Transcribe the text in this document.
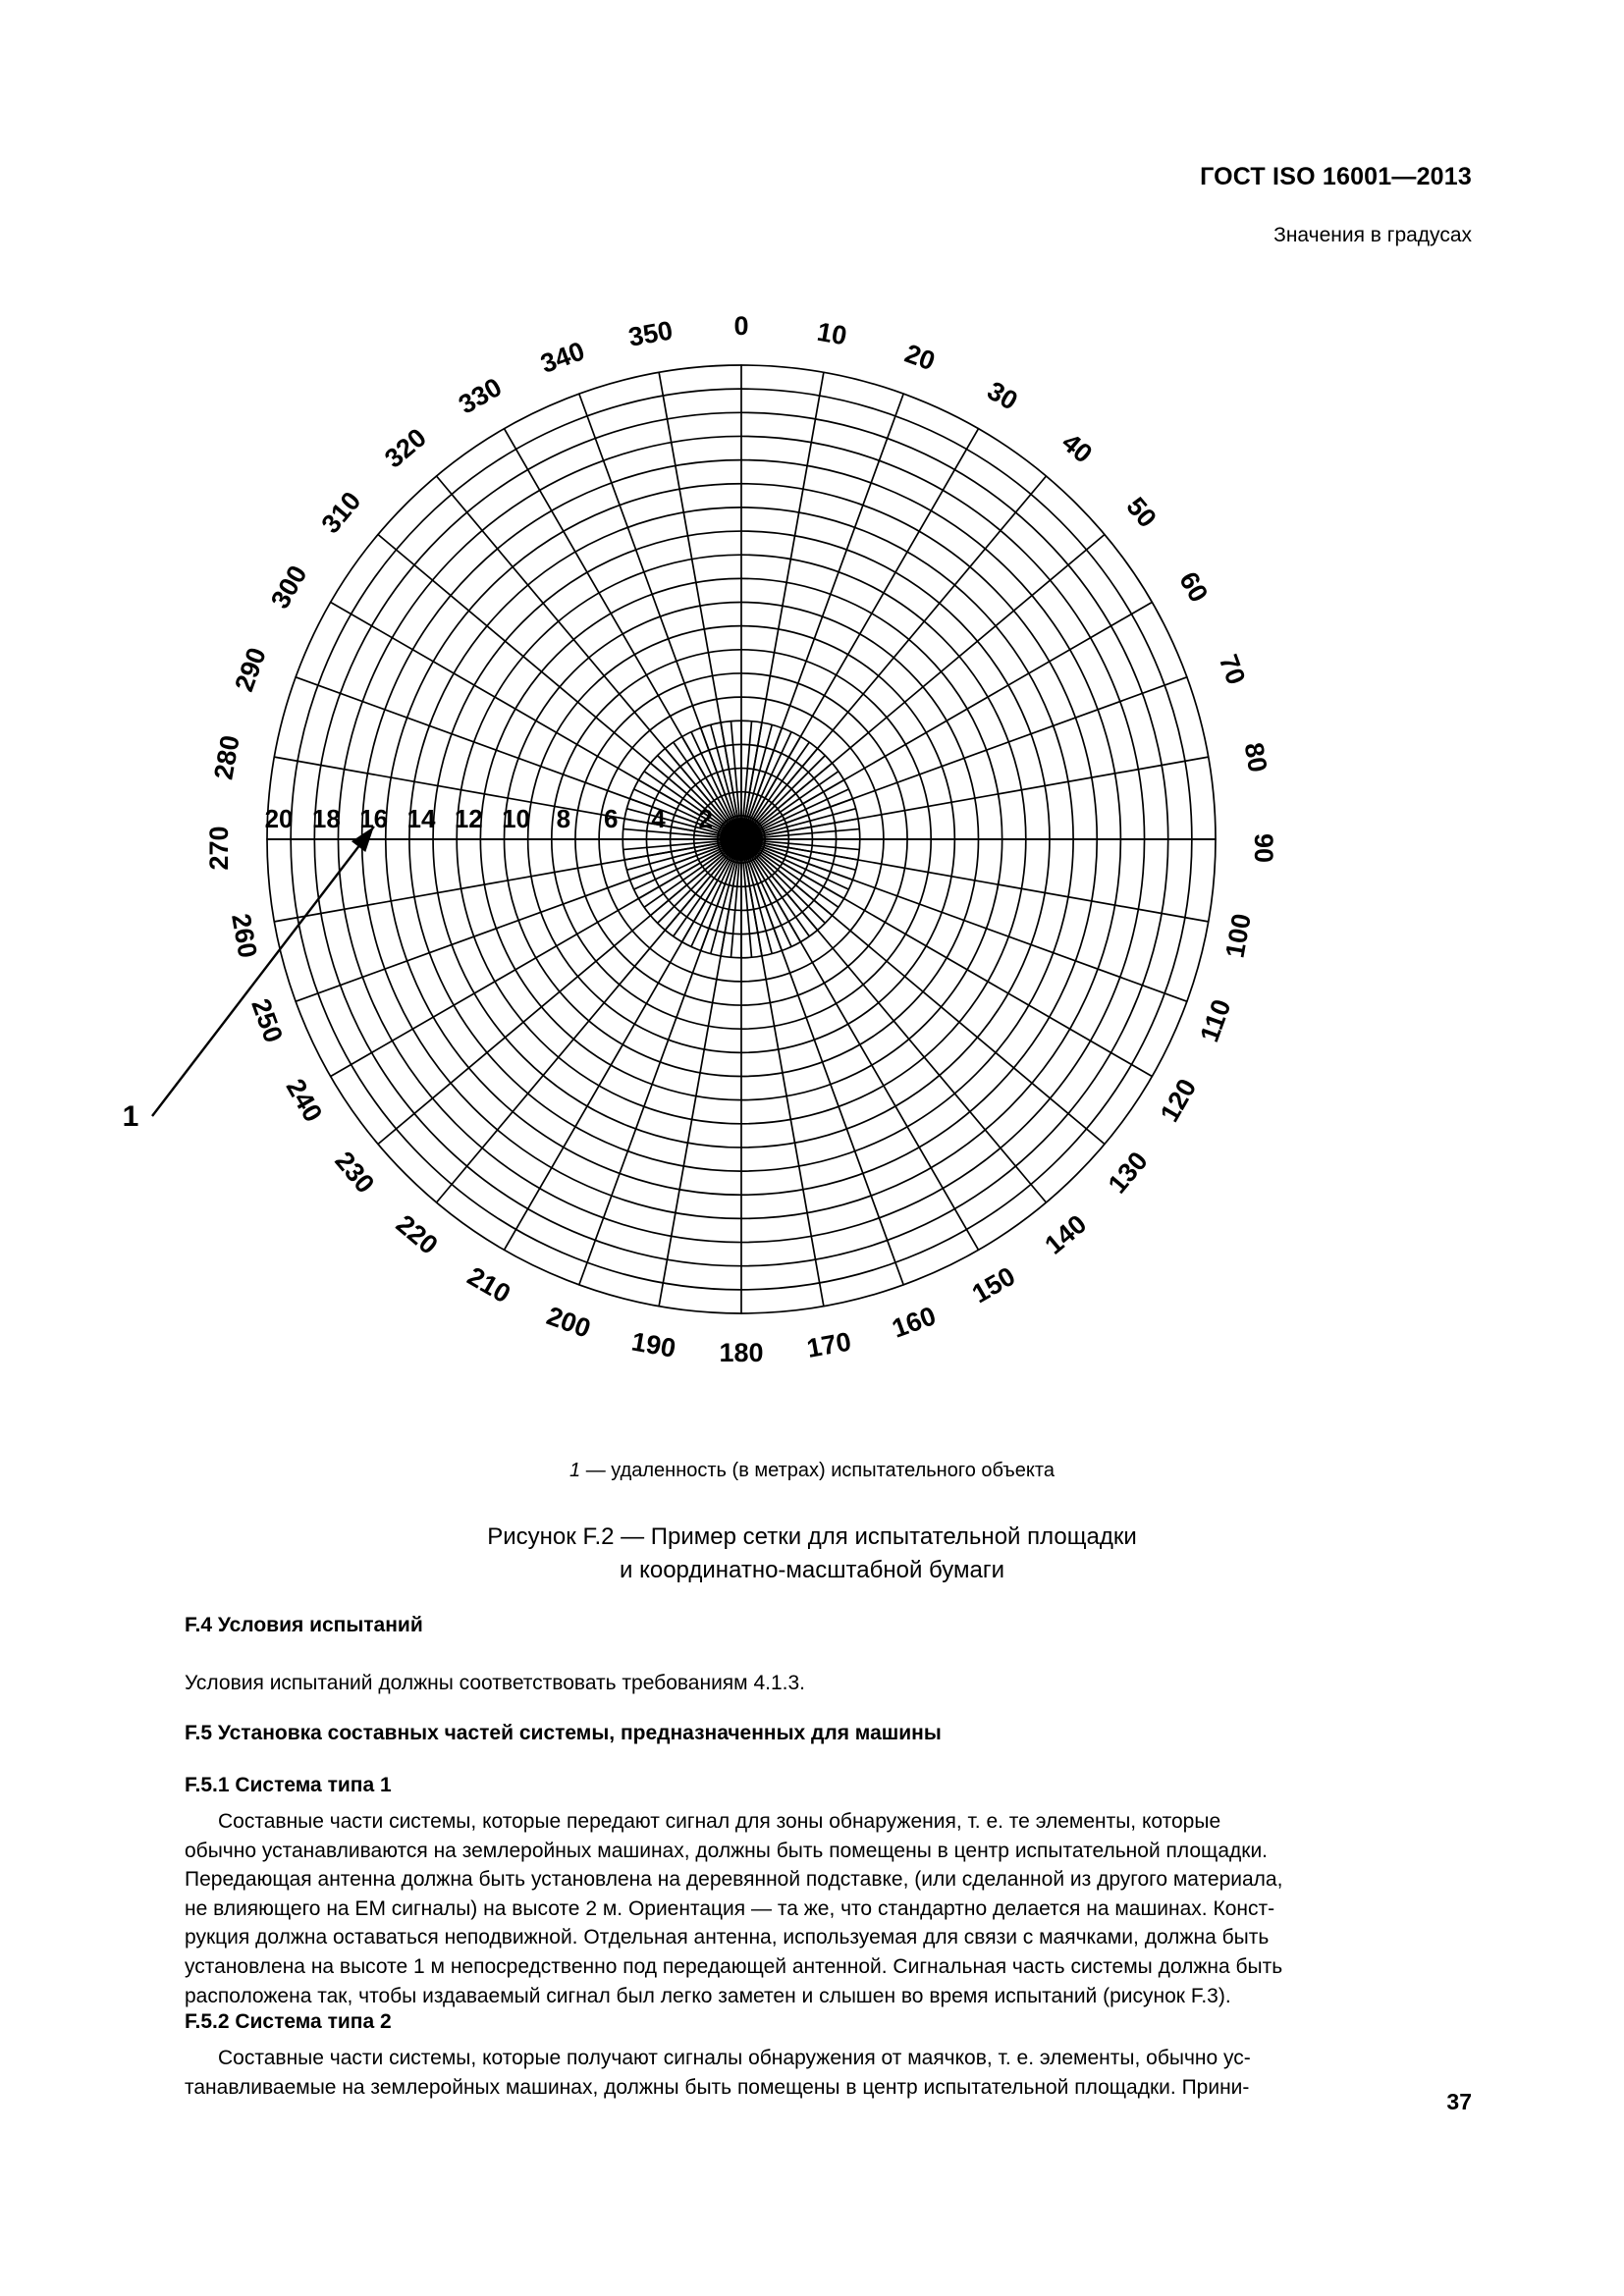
ГОСТ ISO 16001—2013
Значения в градусах
0 10
20
30
40
50
60
70
80
90
100
110
120
130
140
150
160
170
180
190
200
210
220
230
240
250
260
270
280
290
300
310
320
330
340
350
20 18 16 14 12 10 8 6 4 2
1
1 — удаленность (в метрах) испытательного объекта
Рисунок F.2 — Пример сетки для испытательной площадки
и координатно-масштабной бумаги
F.4 Условия испытаний
Условия испытаний должны соответствовать требованиям 4.1.3.
F.5 Установка составных частей системы, предназначенных для машины
F.5.1 Система типа 1
Составные части системы, которые передают сигнал для зоны обнаружения, т. е. те элементы, которые
обычно устанавливаются на землеройных машинах, должны быть помещены в центр испытательной площадки.
Передающая антенна должна быть установлена на деревянной подставке, (или сделанной из другого материала,
не влияющего на EM сигналы) на высоте 2 м. Ориентация — та же, что стандартно делается на машинах. Конст-
рукция должна оставаться неподвижной. Отдельная антенна, используемая для связи с маячками, должна быть
установлена на высоте 1 м непосредственно под передающей антенной. Сигнальная часть системы должна быть
расположена так, чтобы издаваемый сигнал был легко заметен и слышен во время испытаний (рисунок F.3).
F.5.2 Система типа 2
Составные части системы, которые получают сигналы обнаружения от маячков, т. е. элементы, обычно ус-
танавливаемые на землеройных машинах, должны быть помещены в центр испытательной площадки. Прини-
37
